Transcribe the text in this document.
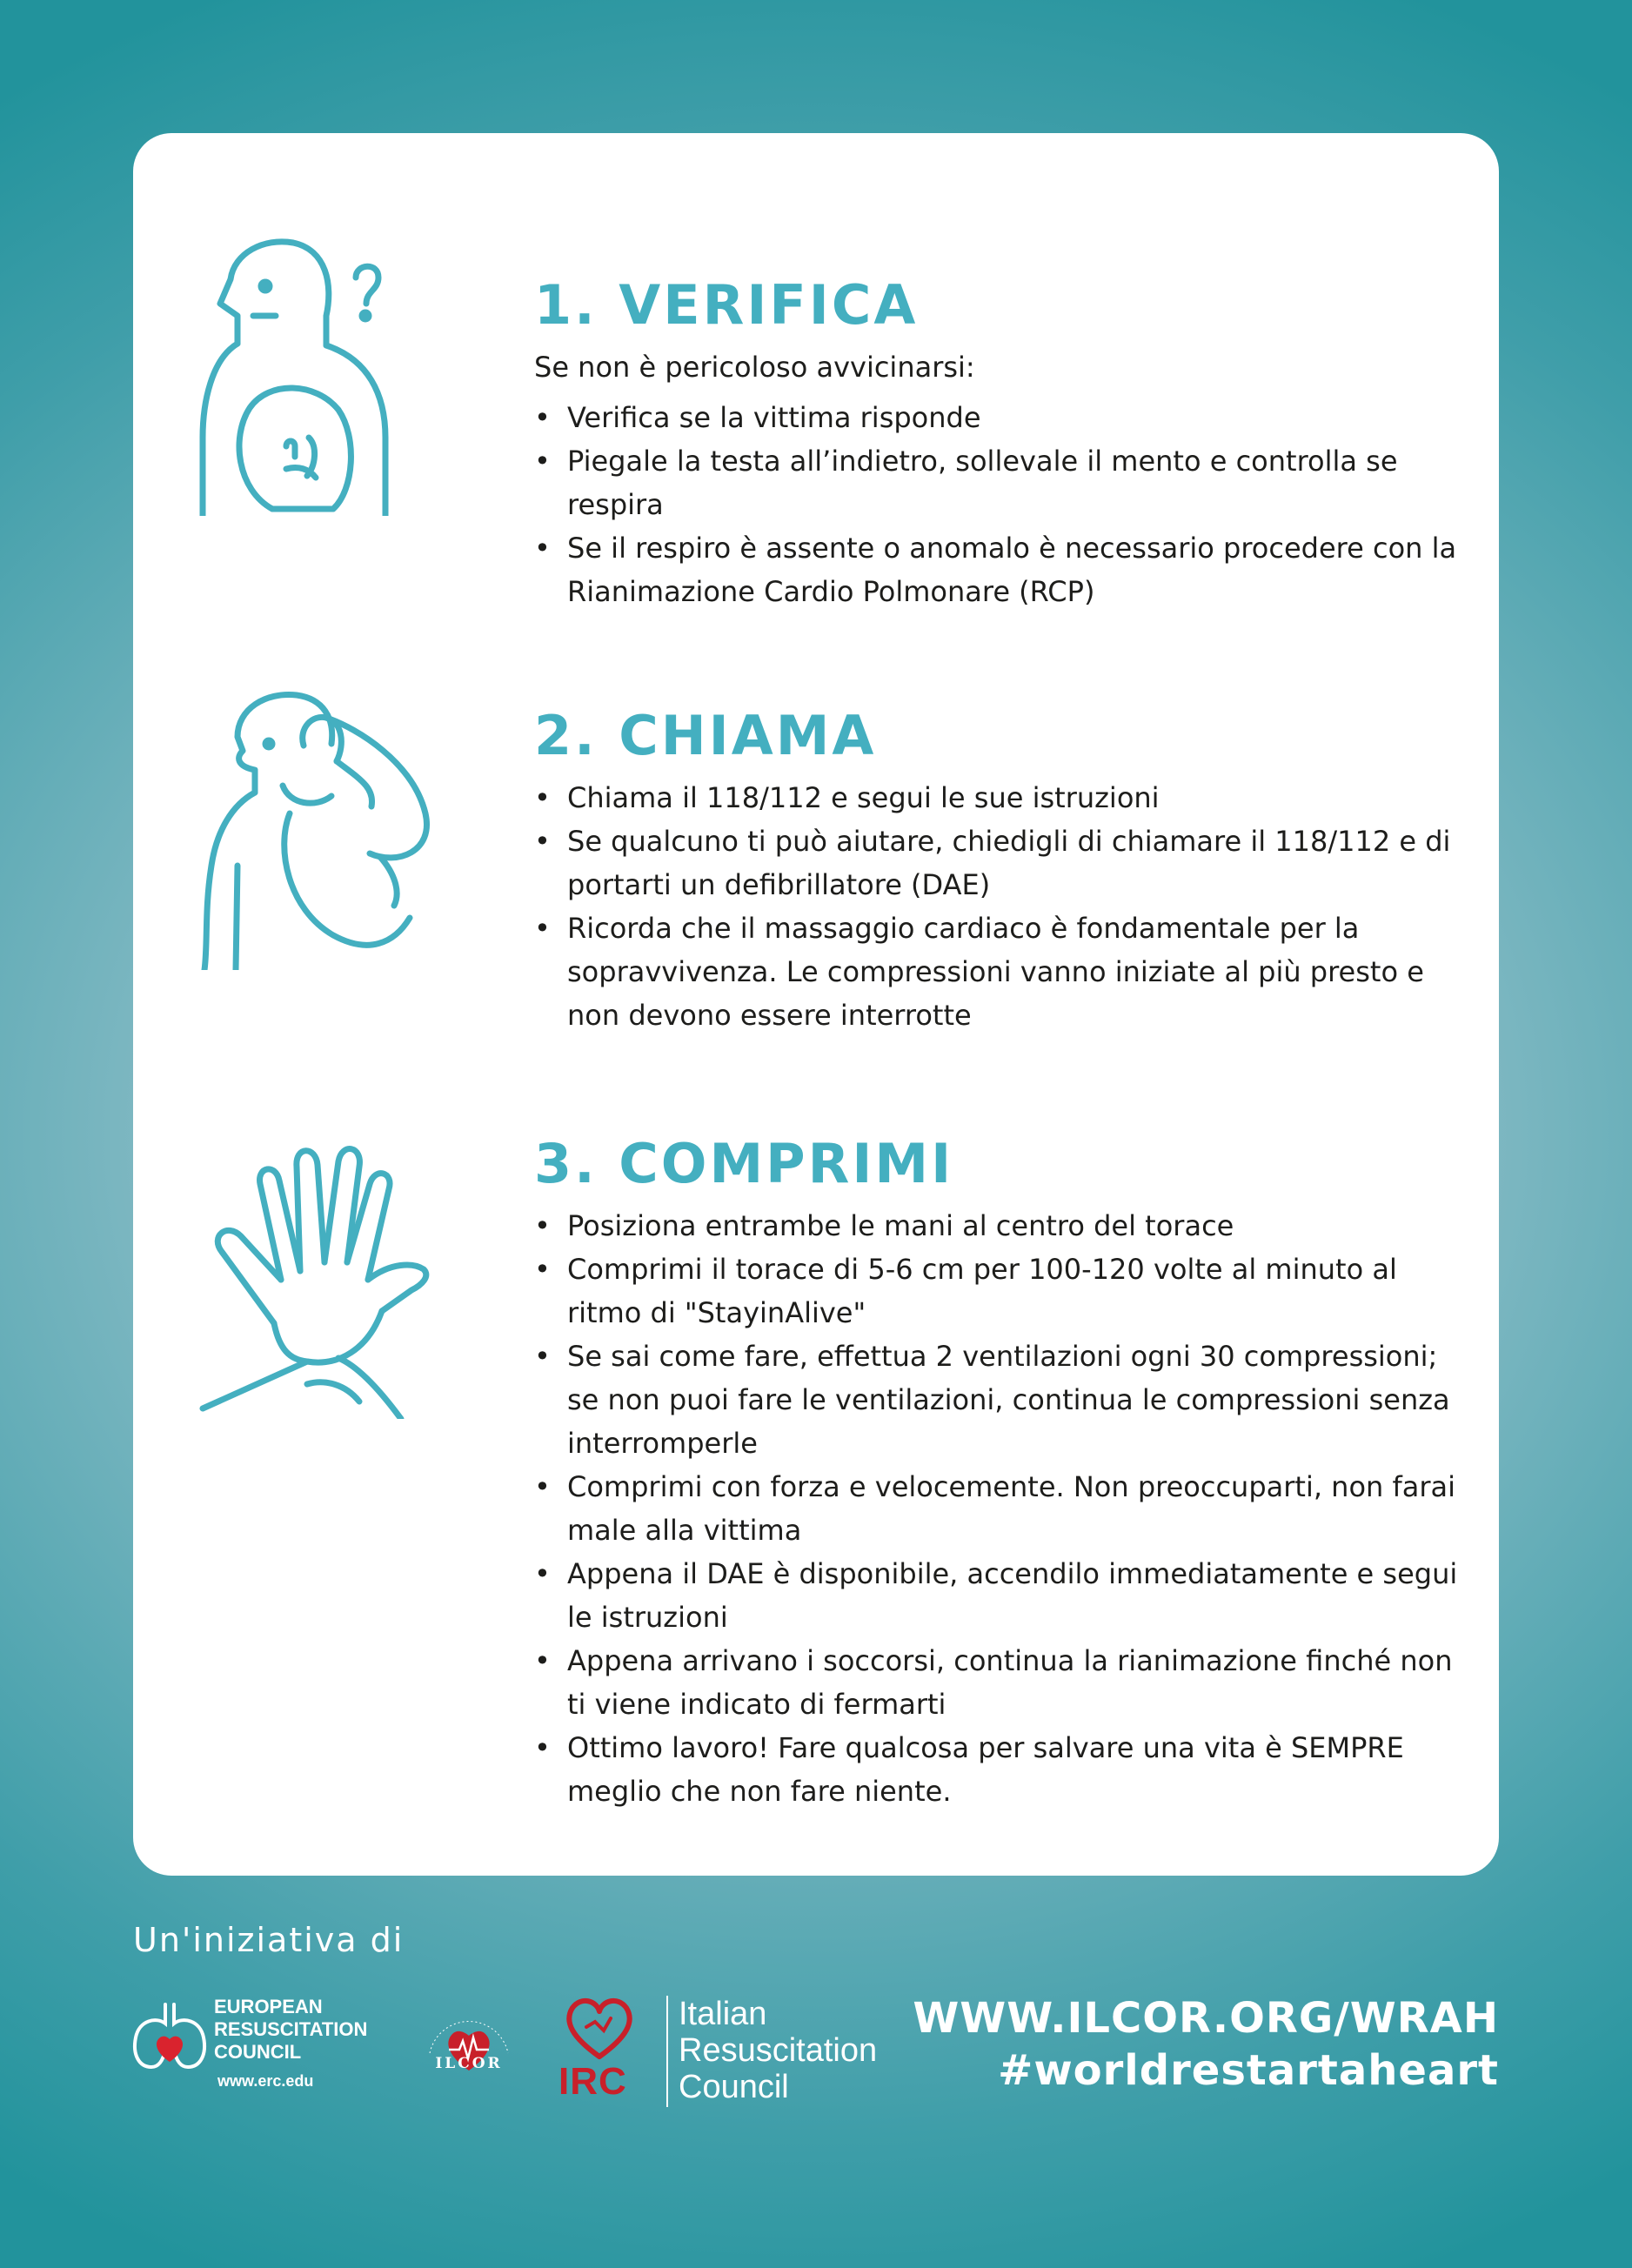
1. VERIFICA

Se non è pericoloso avvicinarsi:

• Verifica se la vittima risponde
• Piegale la testa all’indietro, sollevale il mento e controlla se respira
• Se il respiro è assente o anomalo è necessario procedere con la Rianimazione Cardio Polmonare (RCP)
2. CHIAMA
• Chiama il 118/112 e segui le sue istruzioni
• Se qualcuno ti può aiutare, chiedigli di chiamare il 118/112 e di portarti un defibrillatore (DAE)
• Ricorda che il massaggio cardiaco è fondamentale per la sopravvivenza. Le compressioni vanno iniziate al più presto e non devono essere interrotte
3. COMPRIMI
• Posiziona entrambe le mani al centro del torace
• Comprimi il torace di 5-6 cm per 100-120 volte al minuto al ritmo di "StayinAlive"
• Se sai come fare, effettua 2 ventilazioni ogni 30 compressioni; se non puoi fare le ventilazioni, continua le compressioni senza interromperle
• Comprimi con forza e velocemente. Non preoccuparti, non farai male alla vittima
• Appena il DAE è disponibile, accendilo immediatamente e segui le istruzioni
• Appena arrivano i soccorsi, continua la rianimazione finché non ti viene indicato di fermarti
• Ottimo lavoro! Fare qualcosa per salvare una vita è SEMPRE meglio che non fare niente.
Un'iniziativa di
EUROPEAN
RESUSCITATION
COUNCIL
www.erc.edu
ILCOR IRC
Italian
Resuscitation
Council
WWW.ILCOR.ORG/WRAH
#worldrestartaheart
